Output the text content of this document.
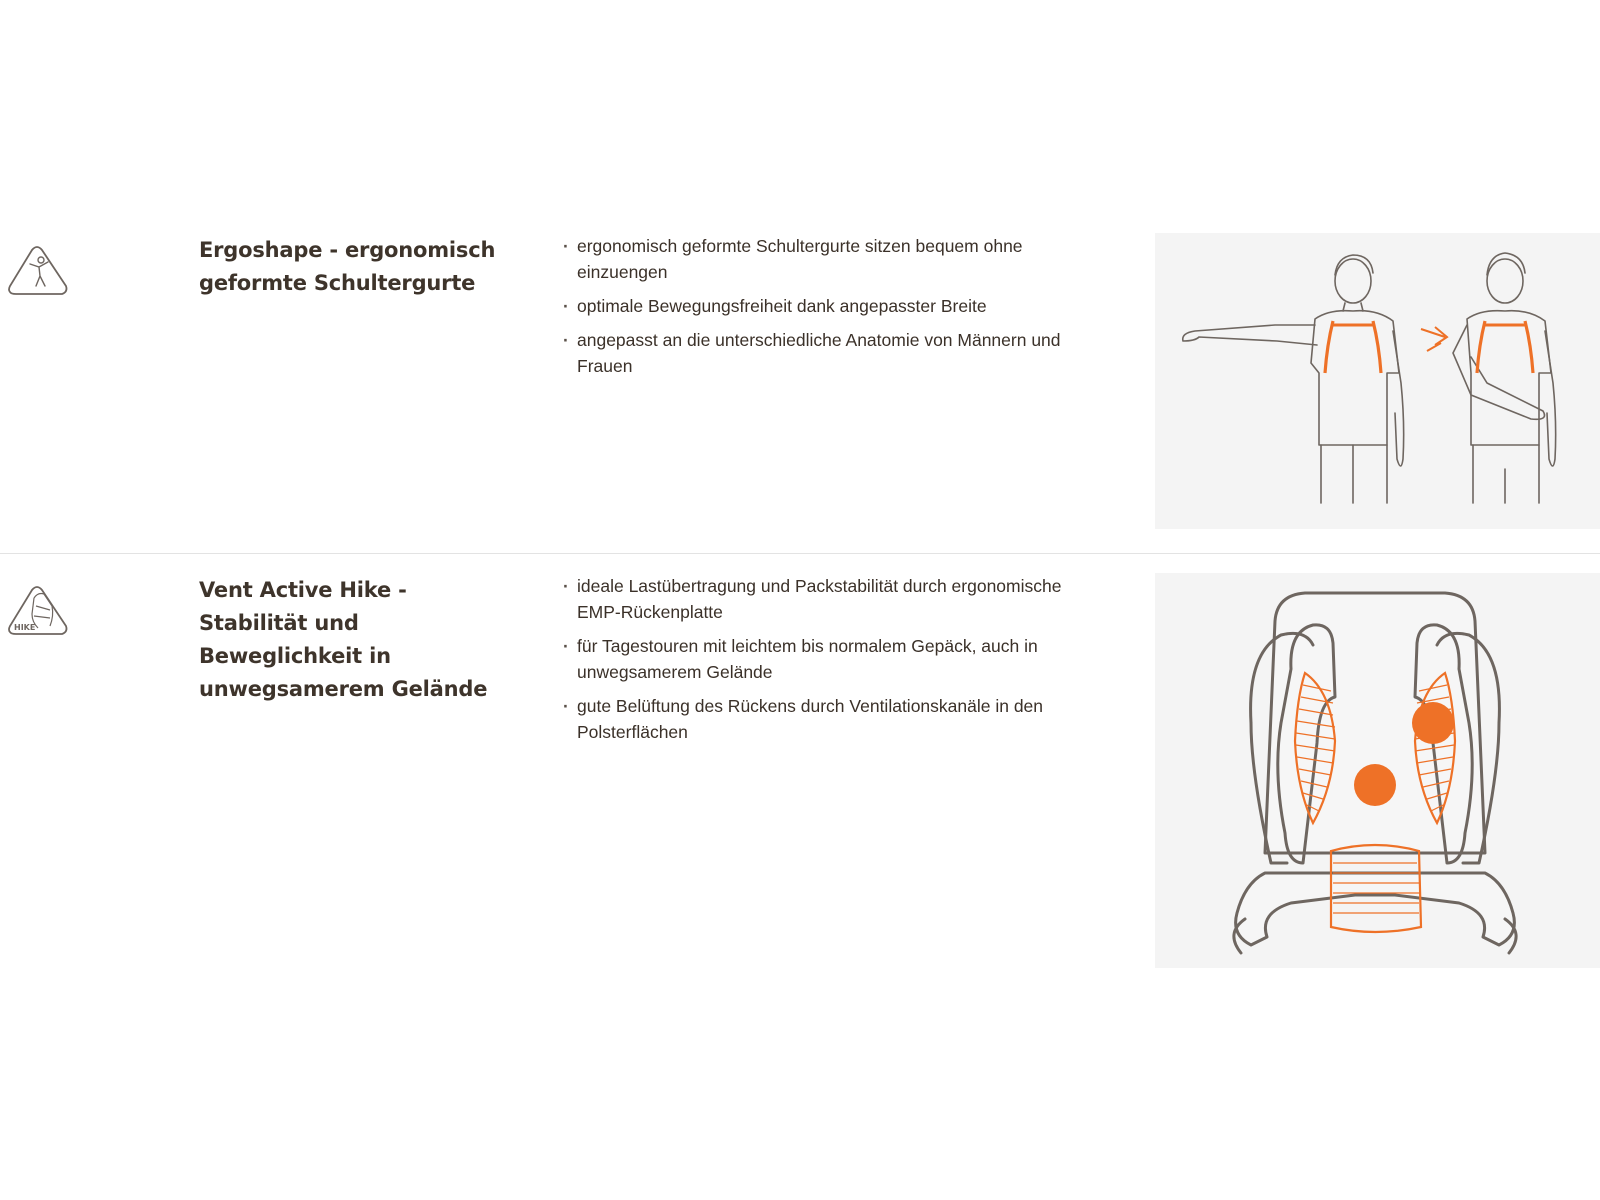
Ergoshape - ergonomisch geformte Schultergurte
· ergonomisch geformte Schultergurte sitzen bequem ohne einzuengen
· optimale Bewegungsfreiheit dank angepasster Breite
· angepasst an die unterschiedliche Anatomie von Männern und Frauen
HIKE
Vent Active Hike - Stabilität und Beweglichkeit in unwegsamerem Gelände
· ideale Lastübertragung und Packstabilität durch ergonomische EMP-Rückenplatte
· für Tagestouren mit leichtem bis normalem Gepäck, auch in unwegsamerem Gelände
· gute Belüftung des Rückens durch Ventilationskanäle in den Polsterflächen
